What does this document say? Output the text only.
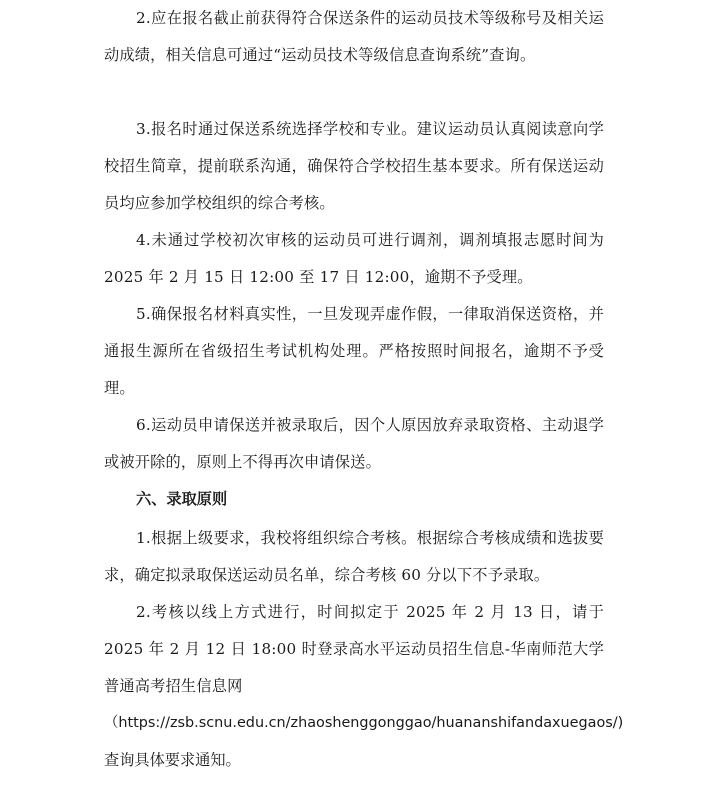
2.应在报名截止前获得符合保送条件的运动员技术等级称号及相关运动成绩，相关信息可通过“运动员技术等级信息查询系统”查询。

3.报名时通过保送系统选择学校和专业。建议运动员认真阅读意向学校招生简章，提前联系沟通，确保符合学校招生基本要求。所有保送运动员均应参加学校组织的综合考核。

4.未通过学校初次审核的运动员可进行调剂，调剂填报志愿时间为 2025 年 2 月 15 日 12:00 至 17 日 12:00，逾期不予受理。

5.确保报名材料真实性，一旦发现弄虚作假，一律取消保送资格，并通报生源所在省级招生考试机构处理。严格按照时间报名，逾期不予受理。

6.运动员申请保送并被录取后，因个人原因放弃录取资格、主动退学或被开除的，原则上不得再次申请保送。

六、录取原则

1.根据上级要求，我校将组织综合考核。根据综合考核成绩和选拔要求，确定拟录取保送运动员名单，综合考核 60 分以下不予录取。

2.考核以线上方式进行，时间拟定于 2025 年 2 月 13 日，请于 2025 年 2 月 12 日 18:00 时登录高水平运动员招生信息-华南师范大学普通高考招生信息网

（https://zsb.scnu.edu.cn/zhaoshenggonggao/huananshifandaxuegaos/)

查询具体要求通知。
